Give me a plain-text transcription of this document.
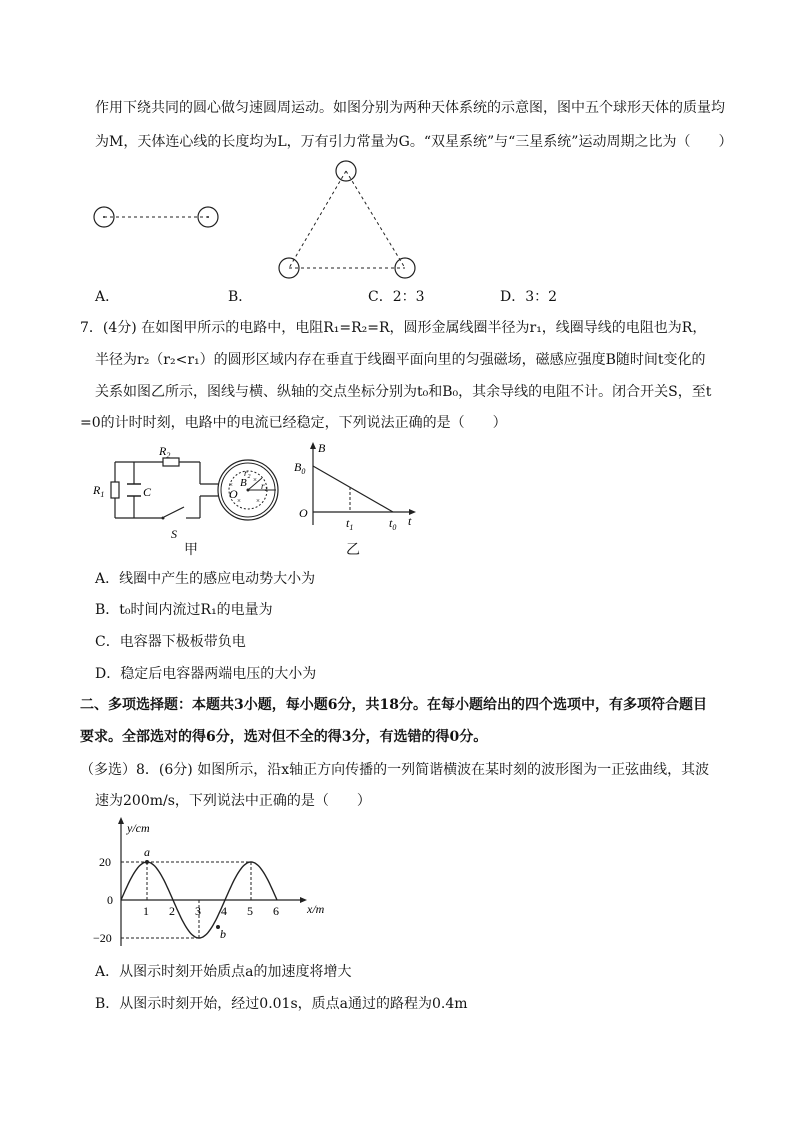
作用下绕共同的圆心做匀速圆周运动。如图分别为两种天体系统的示意图，图中五个球形天体的质量均
为M，天体连心线的长度均为L，万有引力常量为G。“双星系统”与“三星系统”运动周期之比为（　　）
A．	B．	C．2：3	D．3：2
7．(4分) 在如图甲所示的电路中，电阻R₁=R₂=R，圆形金属线圈半径为r₁，线圈导线的电阻也为R，
半径为r₂（r₂<r₁）的圆形区域内存在垂直于线圈平面向里的匀强磁场，磁感应强度B随时间t变化的
关系如图乙所示，图线与横、纵轴的交点坐标分别为t₀和B₀，其余导线的电阻不计。闭合开关S，至t
=0的计时时刻，电路中的电流已经稳定，下列说法正确的是（　　）
×
×
× ×
$R_2$
$R_1$	C
S
O
B
$r_2$
$r_1$
甲
B
$B_0$
O
$t_1$	$t_0$ t
乙
A．线圈中产生的感应电动势大小为
B．t₀时间内流过R₁的电量为
C．电容器下极板带负电
D．稳定后电容器两端电压的大小为
二、多项选择题：本题共3小题，每小题6分，共18分。在每小题给出的四个选项中，有多项符合题目
要求。全部选对的得6分，选对但不全的得3分，有选错的得0分。
（多选）8．(6分) 如图所示，沿x轴正方向传播的一列简谐横波在某时刻的波形图为一正弦曲线，其波
速为200m/s，下列说法中正确的是（　　）
y/cm
x/m
20
0
−20
1 2 3 4 5 6
a
b
A．从图示时刻开始质点a的加速度将增大
B．从图示时刻开始，经过0.01s，质点a通过的路程为0.4m
